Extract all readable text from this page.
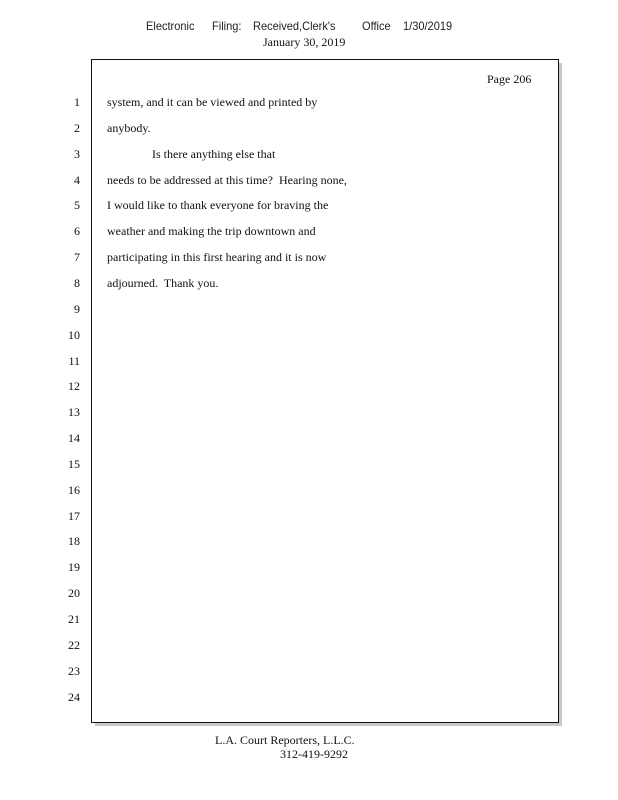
Electronic Filing: Received,Clerk's Office 1/30/2019
January 30, 2019
Page 206
1 system, and it can be viewed and printed by
2 anybody.
3 Is there anything else that
4 needs to be addressed at this time?  Hearing none,
5 I would like to thank everyone for braving the
6 weather and making the trip downtown and
7 participating in this first hearing and it is now
8 adjourned.  Thank you.
9
10
11
12
13
14
15
16
17
18
19
20
21
22
23
24
L.A. Court Reporters, L.L.C.
312-419-9292
